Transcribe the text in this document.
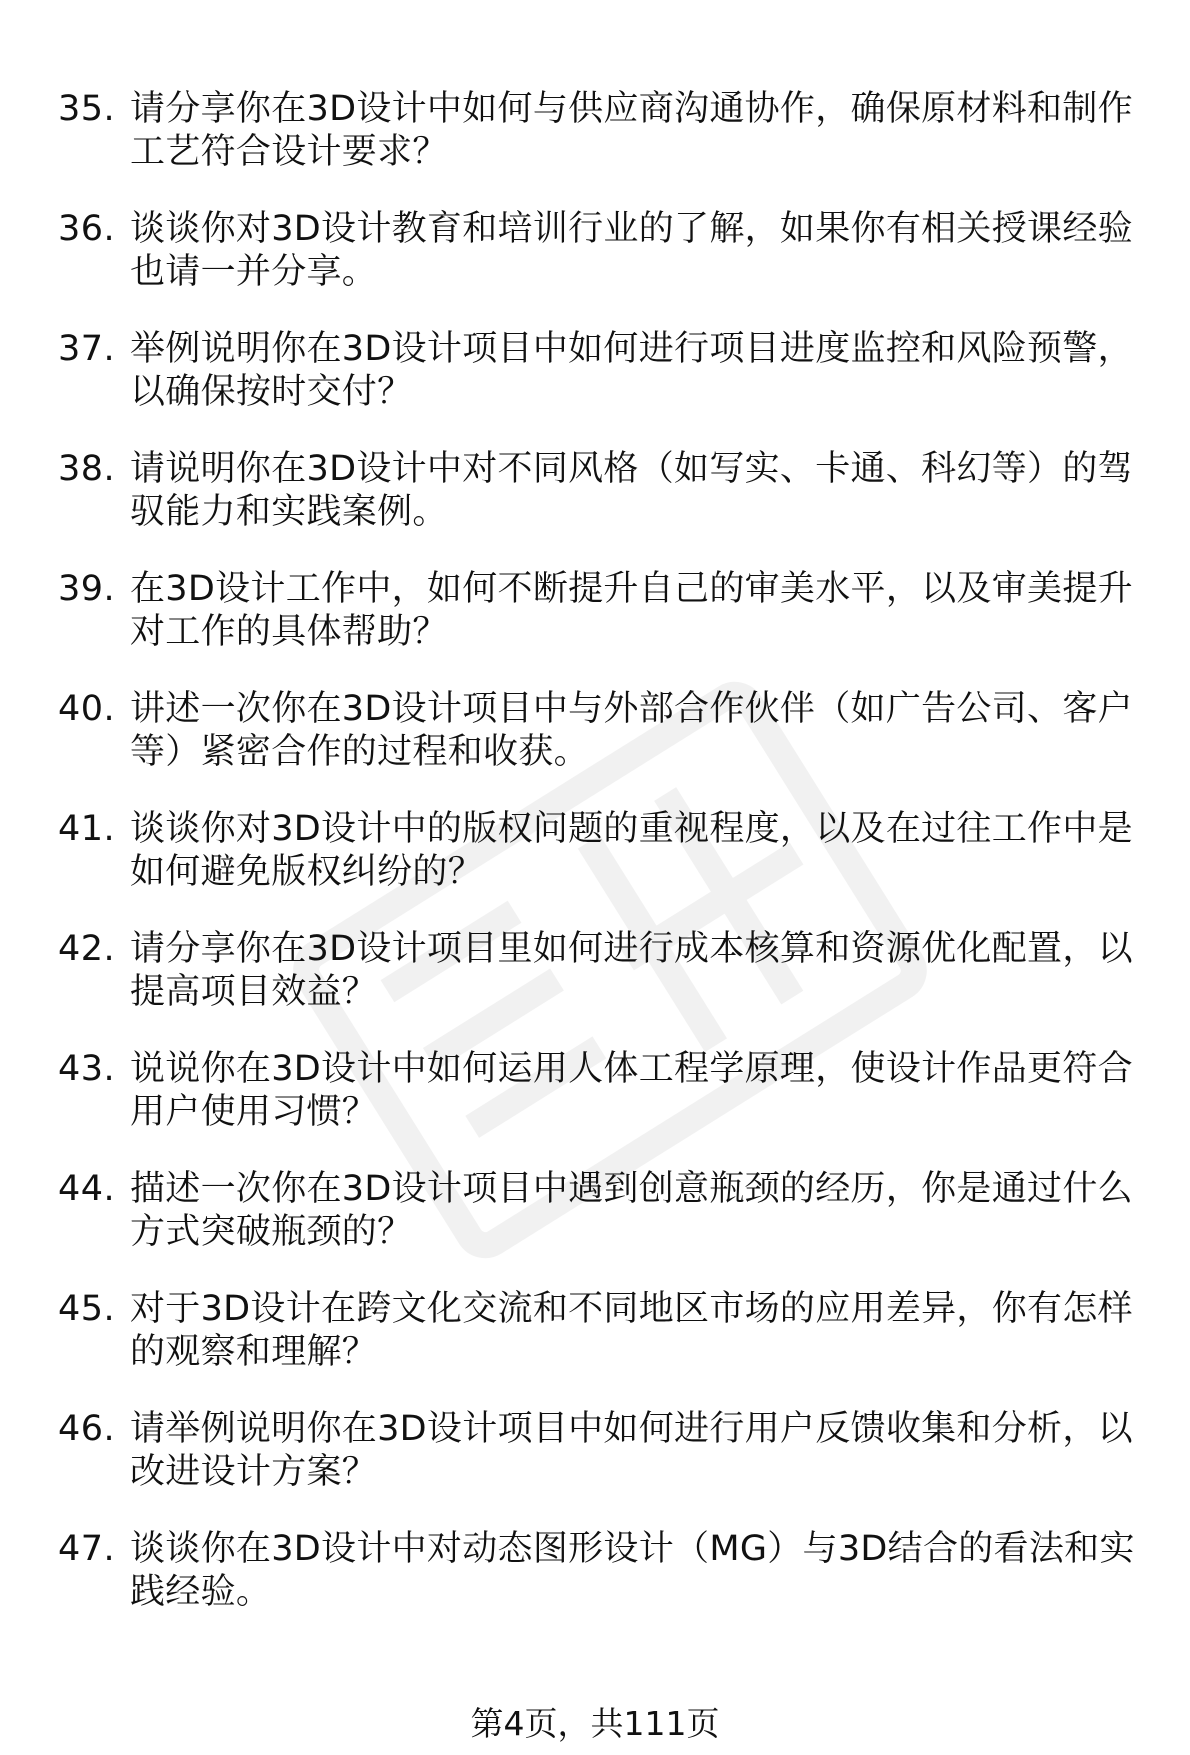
35. 请分享你在3D设计中如何与供应商沟通协作，确保原材料和制作
工艺符合设计要求？
36. 谈谈你对3D设计教育和培训行业的了解，如果你有相关授课经验
也请一并分享。
37. 举例说明你在3D设计项目中如何进行项目进度监控和风险预警，
以确保按时交付？
38. 请说明你在3D设计中对不同风格（如写实、卡通、科幻等）的驾
驭能力和实践案例。
39. 在3D设计工作中，如何不断提升自己的审美水平，以及审美提升
对工作的具体帮助？
40. 讲述一次你在3D设计项目中与外部合作伙伴（如广告公司、客户
等）紧密合作的过程和收获。
41. 谈谈你对3D设计中的版权问题的重视程度，以及在过往工作中是
如何避免版权纠纷的？
42. 请分享你在3D设计项目里如何进行成本核算和资源优化配置，以
提高项目效益？
43. 说说你在3D设计中如何运用人体工程学原理，使设计作品更符合
用户使用习惯？
44. 描述一次你在3D设计项目中遇到创意瓶颈的经历，你是通过什么
方式突破瓶颈的？
45. 对于3D设计在跨文化交流和不同地区市场的应用差异，你有怎样
的观察和理解？
46. 请举例说明你在3D设计项目中如何进行用户反馈收集和分析，以
改进设计方案？
47. 谈谈你在3D设计中对动态图形设计（MG）与3D结合的看法和实
践经验。
第4页，共111页
